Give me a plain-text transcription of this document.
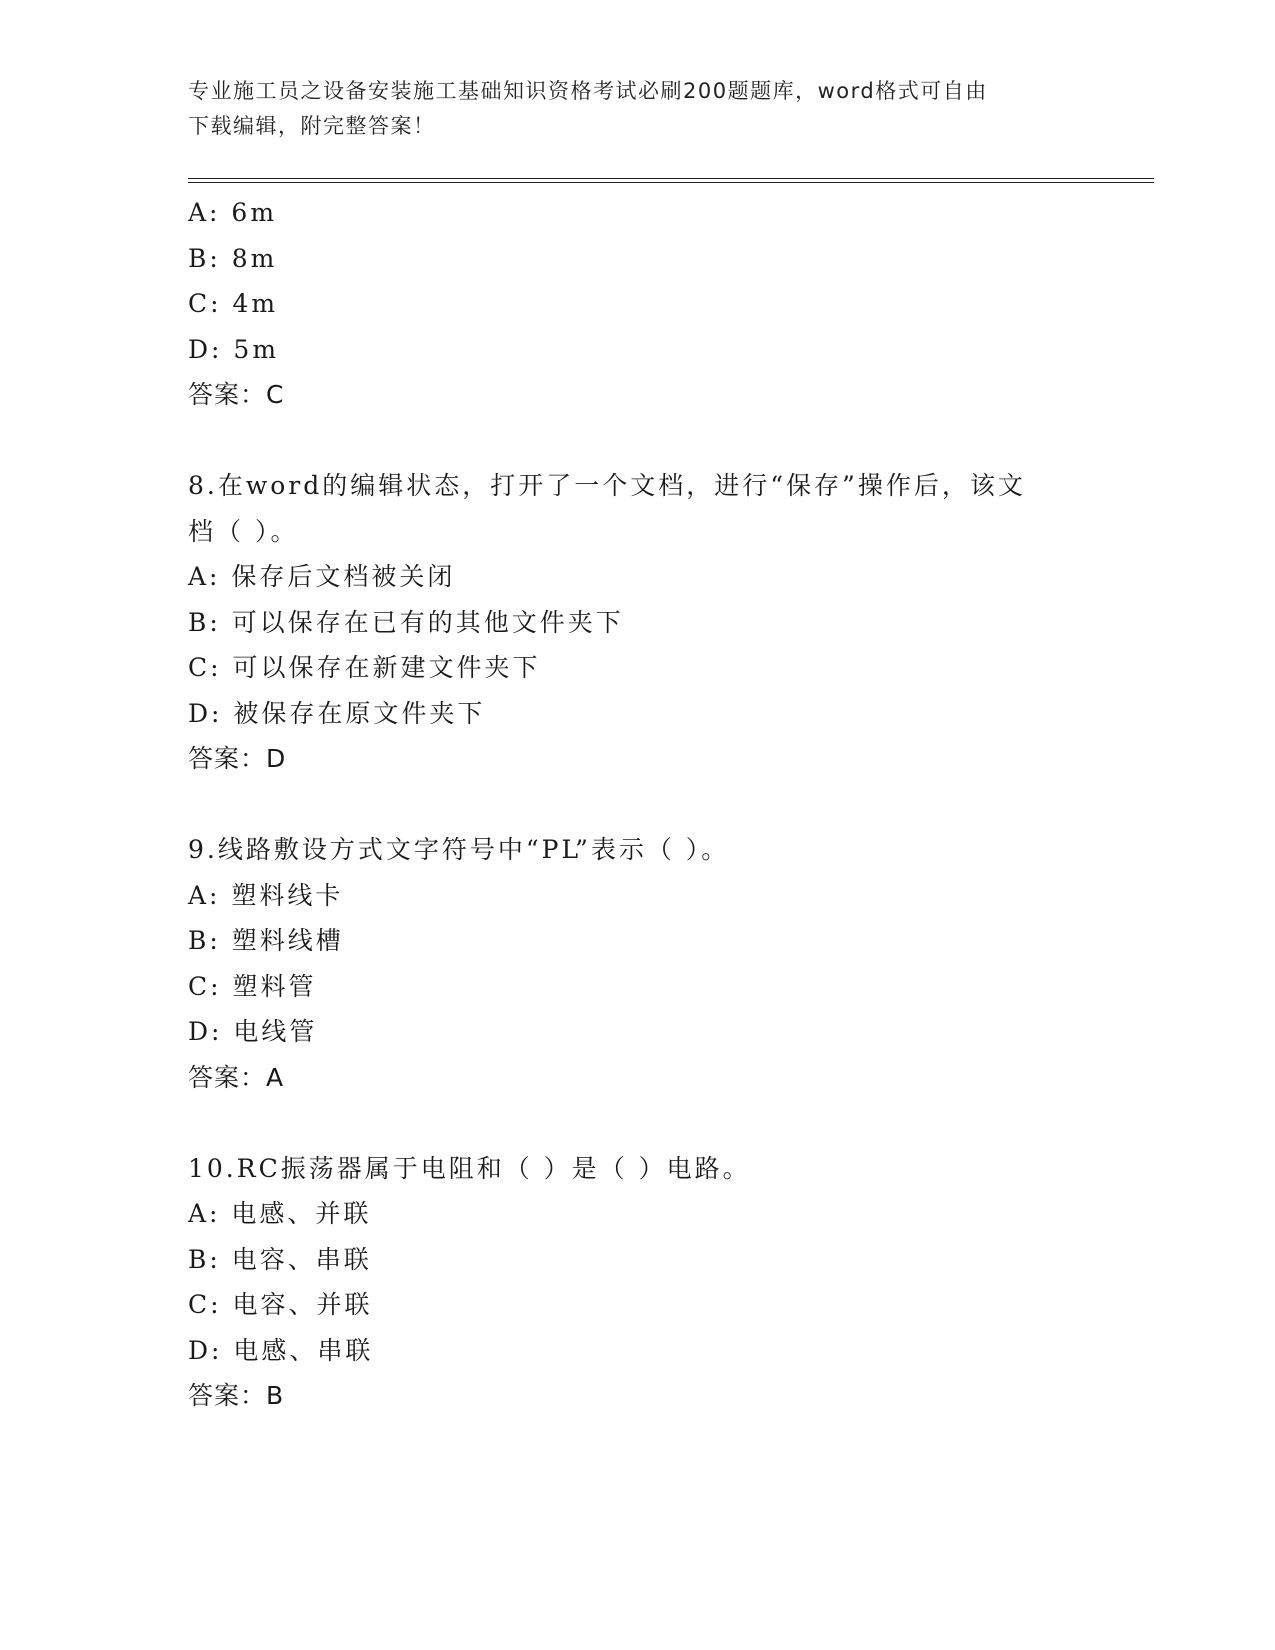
专业施工员之设备安装施工基础知识资格考试必刷200题题库，word格式可自由
下载编辑，附完整答案！
A: 6m
B: 8m
C: 4m
D: 5m
答案：C
8.在word的编辑状态，打开了一个文档，进行“保存”操作后，该文
档（ ）。
A: 保存后文档被关闭
B: 可以保存在已有的其他文件夹下
C: 可以保存在新建文件夹下
D: 被保存在原文件夹下
答案：D
9.线路敷设方式文字符号中“PL”表示（ ）。
A: 塑料线卡
B: 塑料线槽
C: 塑料管
D: 电线管
答案：A
10.RC振荡器属于电阻和（ ）是（ ）电路。
A: 电感、并联
B: 电容、串联
C: 电容、并联
D: 电感、串联
答案：B
